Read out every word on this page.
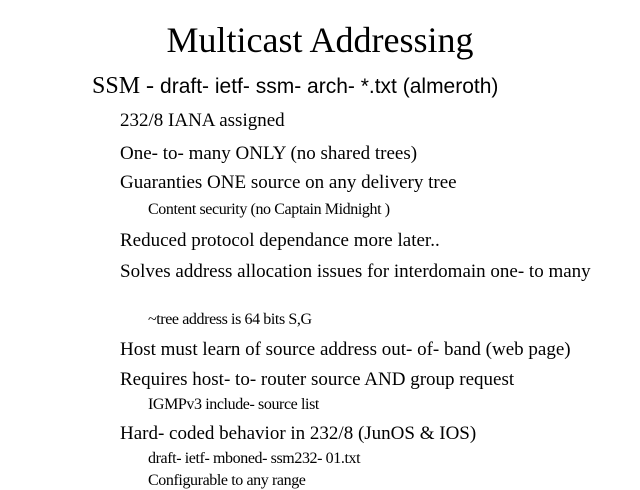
Multicast Addressing
SSM - draft- ietf- ssm- arch- *.txt (almeroth)
232/8 IANA assigned
One- to- many ONLY (no shared trees)
Guaranties ONE source on any delivery tree
Content security (no Captain Midnight )
Reduced protocol dependance more later..
Solves address allocation issues for interdomain one- to many
~tree address is 64 bits S,G
Host must learn of source address out- of- band (web page)
Requires host- to- router source AND group request
IGMPv3 include- source list
Hard- coded behavior in 232/8 (JunOS & IOS)
draft- ietf- mboned- ssm232- 01.txt
Configurable to any range
